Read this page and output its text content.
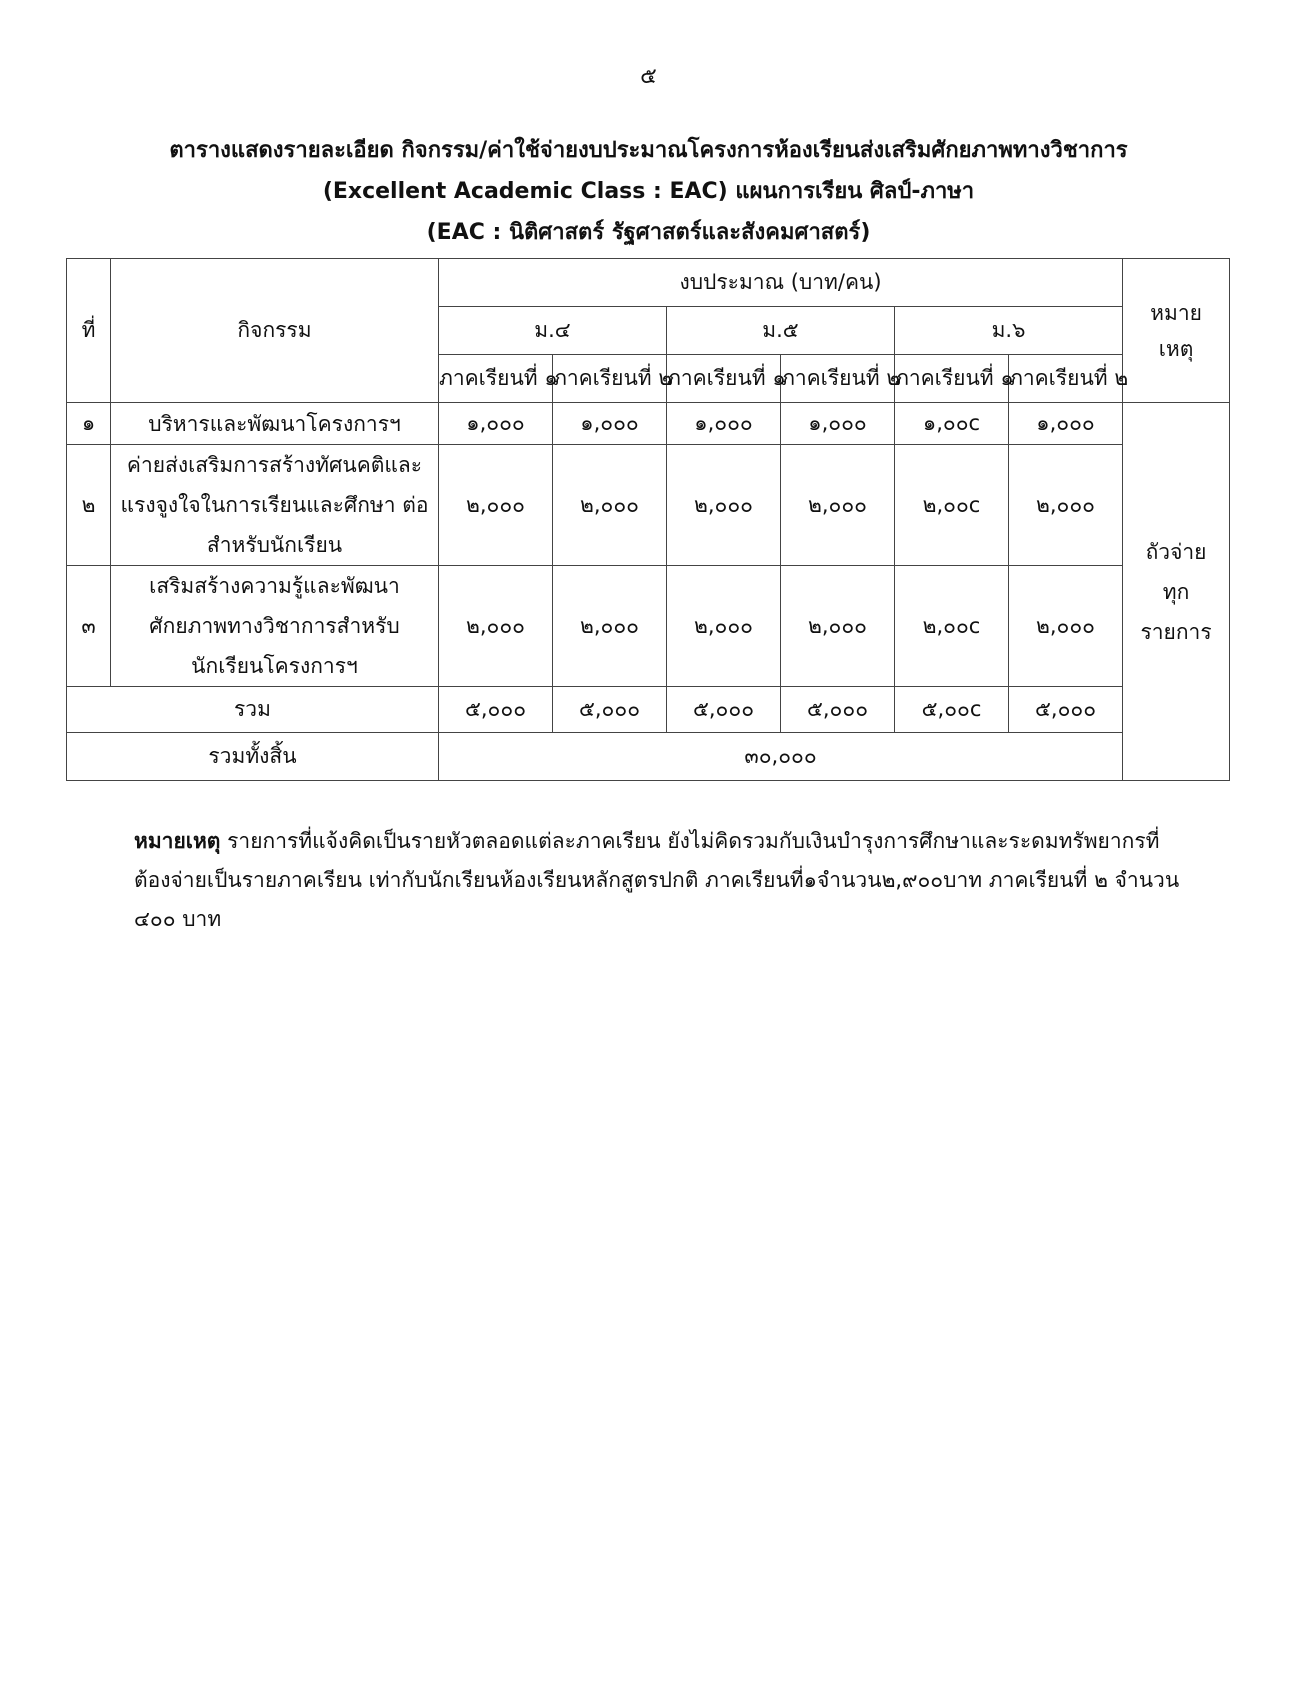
๕
ตารางแสดงรายละเอียด กิจกรรม/ค่าใช้จ่ายงบประมาณโครงการห้องเรียนส่งเสริมศักยภาพทางวิชาการ
(Excellent Academic Class : EAC) แผนการเรียน ศิลป์-ภาษา
(EAC : นิติศาสตร์ รัฐศาสตร์และสังคมศาสตร์)
ที่	กิจกรรม	งบประมาณ (บาท/คน)						หมาย เหตุ
		ม.๔		ม.๕		ม.๖		
		ภาคเรียนที่ ๑	ภาคเรียนที่ ๒	ภาคเรียนที่ ๑	ภาคเรียนที่ ๒	ภาคเรียนที่ ๑	ภาคเรียนที่ ๒	
๑	บริหารและพัฒนาโครงการฯ	๑,๐๐๐	๑,๐๐๐	๑,๐๐๐	๑,๐๐๐	๑,๐๐c	๑,๐๐๐	ถัวจ่าย ทุก รายการ
๒	ค่ายส่งเสริมการสร้างทัศนคติและ แรงจูงใจในการเรียนและศึกษา ต่อสำหรับนักเรียน	๒,๐๐๐	๒,๐๐๐	๒,๐๐๐	๒,๐๐๐	๒,๐๐c	๒,๐๐๐	
๓	เสริมสร้างความรู้และพัฒนา ศักยภาพทางวิชาการสำหรับ นักเรียนโครงการฯ	๒,๐๐๐	๒,๐๐๐	๒,๐๐๐	๒,๐๐๐	๒,๐๐c	๒,๐๐๐	
รวม		๕,๐๐๐	๕,๐๐๐	๕,๐๐๐	๕,๐๐๐	๕,๐๐c	๕,๐๐๐	
รวมทั้งสิ้น		๓๐,๐๐๐						
หมายเหตุ รายการที่แจ้งคิดเป็นรายหัวตลอดแต่ละภาคเรียน ยังไม่คิดรวมกับเงินบำรุงการศึกษาและระดมทรัพยากรที่ต้องจ่ายเป็นรายภาคเรียน เท่ากับนักเรียนห้องเรียนหลักสูตรปกติ ภาคเรียนที่๑จำนวน๒,๙๐๐บาท ภาคเรียนที่ ๒ จำนวน ๔๐๐ บาท
